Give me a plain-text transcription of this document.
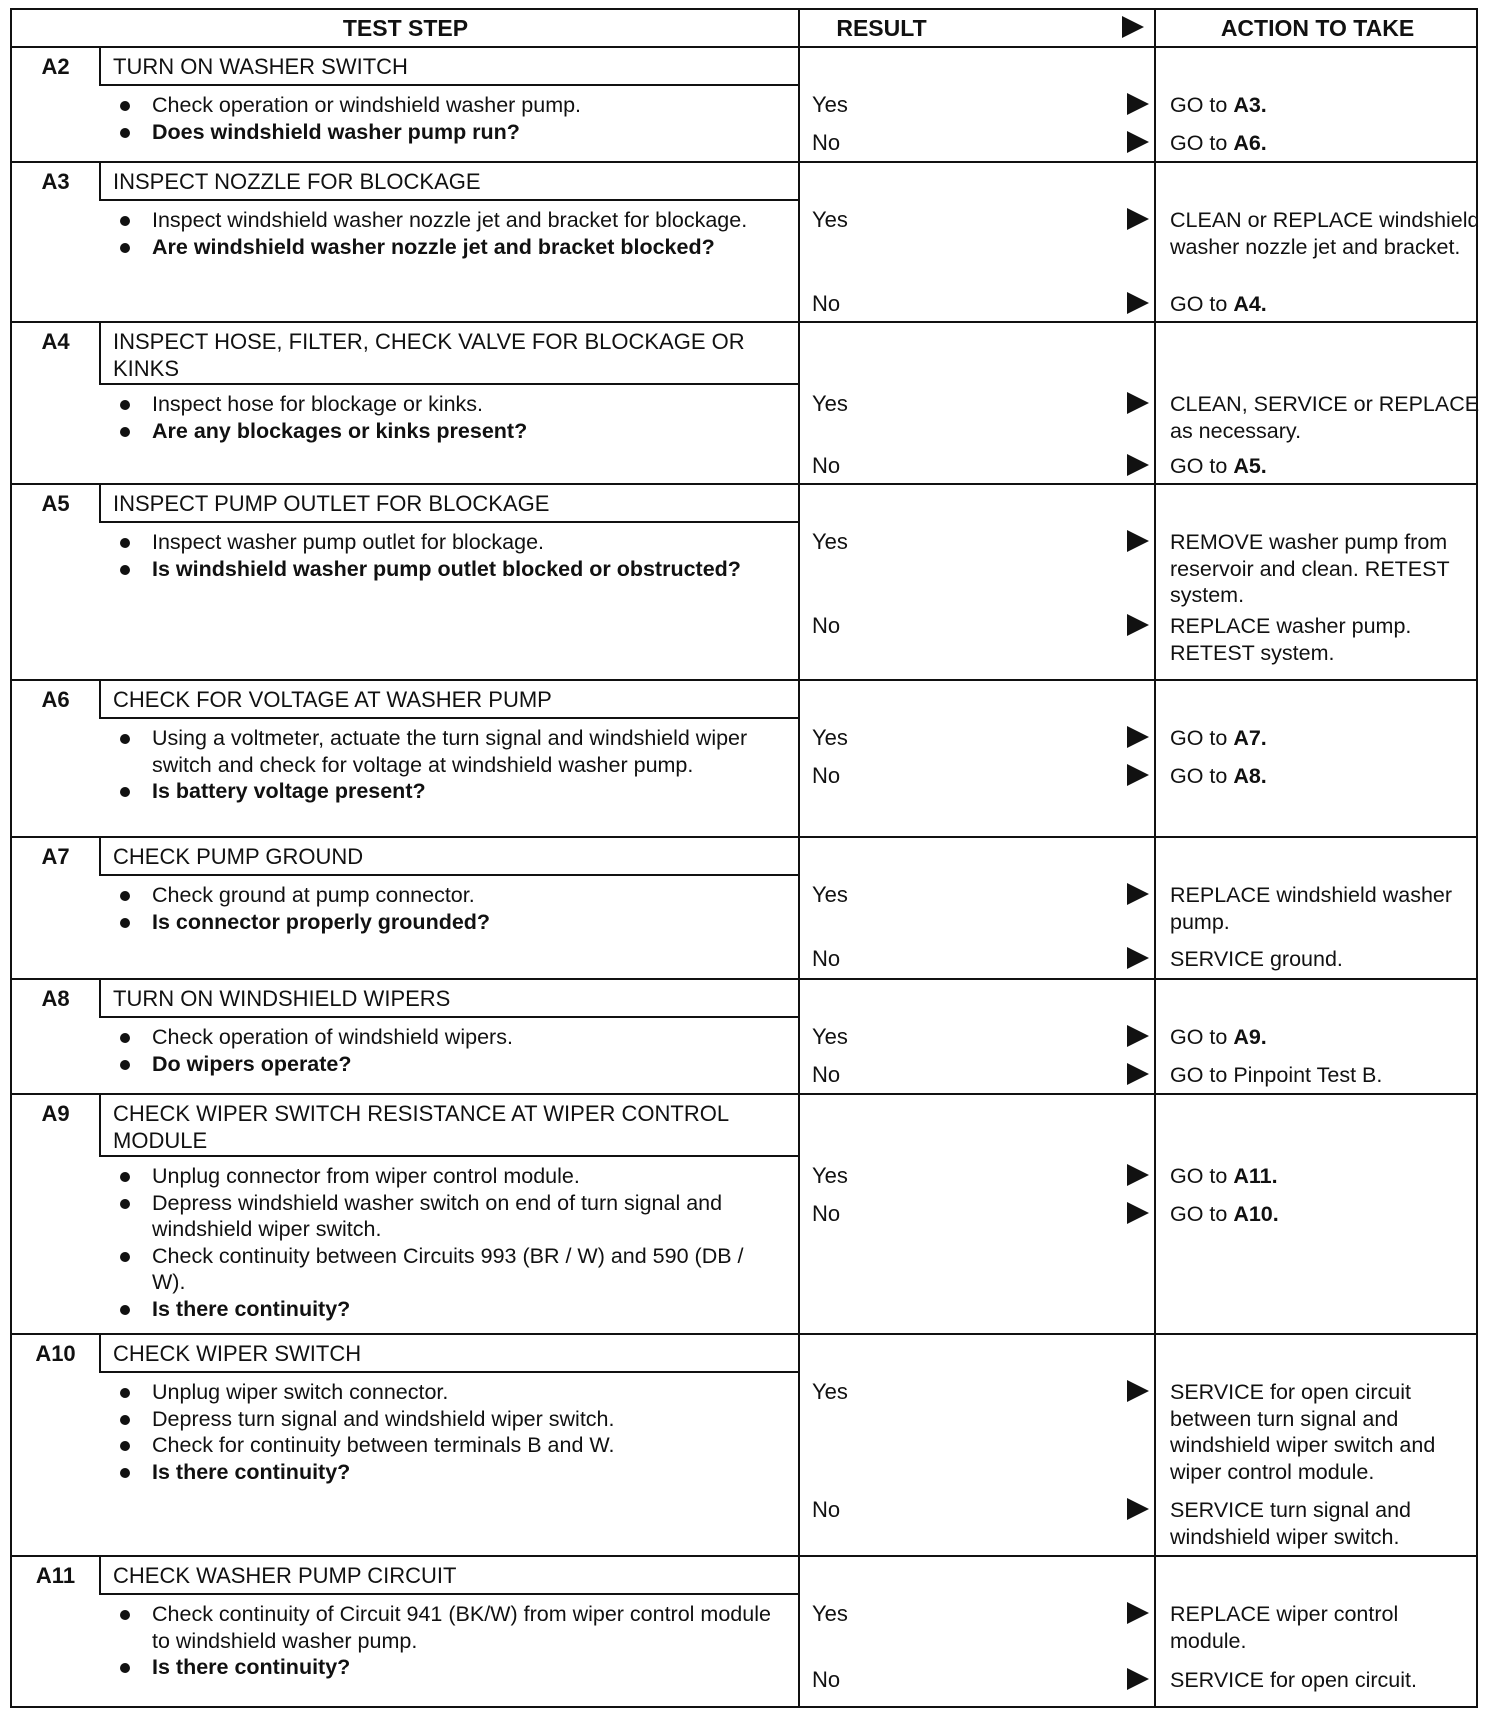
TEST STEP	RESULT	ACTION TO TAKE
A2	TURN ON WASHER SWITCH
Check operation or windshield washer pump.
Does windshield washer pump run?
Yes	GO to A3.
No	GO to A6.
A3	INSPECT NOZZLE FOR BLOCKAGE
Inspect windshield washer nozzle jet and bracket for blockage.
Are windshield washer nozzle jet and bracket blocked?
Yes	CLEAN or REPLACE windshield washer nozzle jet and bracket.
No	GO to A4.
A4	INSPECT HOSE, FILTER, CHECK VALVE FOR BLOCKAGE OR KINKS
Inspect hose for blockage or kinks.
Are any blockages or kinks present?
Yes	CLEAN, SERVICE or REPLACE as necessary.
No	GO to A5.
A5	INSPECT PUMP OUTLET FOR BLOCKAGE
Inspect washer pump outlet for blockage.
Is windshield washer pump outlet blocked or obstructed?
Yes	REMOVE washer pump from reservoir and clean. RETEST system.
No	REPLACE washer pump. RETEST system.
A6	CHECK FOR VOLTAGE AT WASHER PUMP
Using a voltmeter, actuate the turn signal and windshield wiper switch and check for voltage at windshield washer pump.
Is battery voltage present?
Yes	GO to A7.
No	GO to A8.
A7	CHECK PUMP GROUND
Check ground at pump connector.
Is connector properly grounded?
Yes	REPLACE windshield washer pump.
No	SERVICE ground.
A8	TURN ON WINDSHIELD WIPERS
Check operation of windshield wipers.
Do wipers operate?
Yes	GO to A9.
No	GO to Pinpoint Test B.
A9	CHECK WIPER SWITCH RESISTANCE AT WIPER CONTROL MODULE
Unplug connector from wiper control module.
Depress windshield washer switch on end of turn signal and windshield wiper switch.
Check continuity between Circuits 993 (BR / W) and 590 (DB / W).
Is there continuity?
Yes	GO to A11.
No	GO to A10.
A10	CHECK WIPER SWITCH
Unplug wiper switch connector.
Depress turn signal and windshield wiper switch.
Check for continuity between terminals B and W.
Is there continuity?
Yes	SERVICE for open circuit between turn signal and windshield wiper switch and wiper control module.
No	SERVICE turn signal and windshield wiper switch.
A11	CHECK WASHER PUMP CIRCUIT
Check continuity of Circuit 941 (BK/W) from wiper control module to windshield washer pump.
Is there continuity?
Yes	REPLACE wiper control module.
No	SERVICE for open circuit.
